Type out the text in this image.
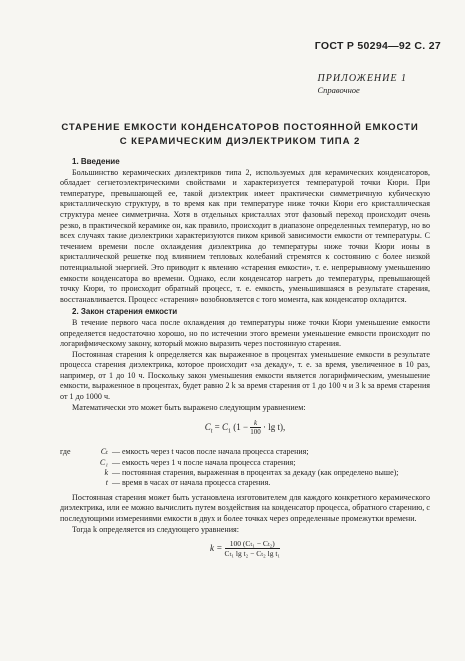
ГОСТ Р 50294—92 С. 27
ПРИЛОЖЕНИЕ 1
Справочное
СТАРЕНИЕ ЕМКОСТИ КОНДЕНСАТОРОВ ПОСТОЯННОЙ ЕМКОСТИ
С КЕРАМИЧЕСКИМ ДИЭЛЕКТРИКОМ ТИПА 2

1. Введение

Большинство керамических диэлектриков типа 2, используемых для керамических конденсаторов, обладает сегнетоэлектрическими свойствами и характеризуется температурой точки Кюри. При температуре, превышающей ее, такой диэлектрик имеет практически симметричную кубическую кристаллическую структуру, в то время как при температуре ниже точки Кюри его кристаллическая структура менее симметрична. Хотя в отдельных кристаллах этот фазовый переход происходит очень резко, в практической керамике он, как правило, происходит в диапазоне определенных температур, но во всех случаях такие диэлектрики характеризуются пиком кривой зависимости емкости от температуры. С течением времени после охлаждения диэлектрика до температуры ниже точки Кюри ионы в кристаллической решетке под влиянием тепловых колебаний стремятся к состоянию с более низкой потенциальной энергией. Это приводит к явлению «старения емкости», т. е. непрерывному уменьшению емкости конденсатора во времени. Однако, если конденсатор нагреть до температуры, превышающей точку Кюри, то происходит обратный процесс, т. е. емкость, уменьшившаяся в результате старения, восстанавливается. Процесс «старения» возобновляется с того момента, как конденсатор охладится.

2. Закон старения емкости

В течение первого часа после охлаждения до температуры ниже точки Кюри уменьшение емкости определяется недостаточно хорошо, но по истечении этого времени уменьшение емкости происходит по логарифмическому закону, который можно выразить через постоянную старения.

Постоянная старения k определяется как выраженное в процентах уменьшение емкости в результате процесса старения диэлектрика, которое происходит «за декаду», т. е. за время, увеличенное в 10 раз, например, от 1 до 10 ч. Поскольку закон уменьшения емкости является логарифмическим, уменьшение емкости, выраженное в процентах, будет равно 2 k за время старения от 1 до 100 ч и 3 k за время старения от 1 до 1000 ч.

Математически это может быть выражено следующим уравнением:

$C_t = C_1$ $(1 - \frac{k}{100} \cdot \lg t)$,

где	Cₜ — емкость через t часов после начала процесса старения;
C₁ — емкость через 1 ч после начала процесса старения;
k — постоянная старения, выраженная в процентах за декаду (как определено выше);
t — время в часах от начала процесса старения.

Постоянная старения может быть установлена изготовителем для каждого конкретного керамического диэлектрика, или ее можно вычислить путем воздействия на конденсатор процесса, обратного старению, с последующими измерениями емкости в двух и более точках через определенные промежутки времени.

Тогда k определяется из следующего уравнения:

$k = \frac{\text{100 (Cₜ₁ − Cₜ₂)}}{\text{Cₜ₁ lg t₂ − Cₜ₂ lg t₁}}$
